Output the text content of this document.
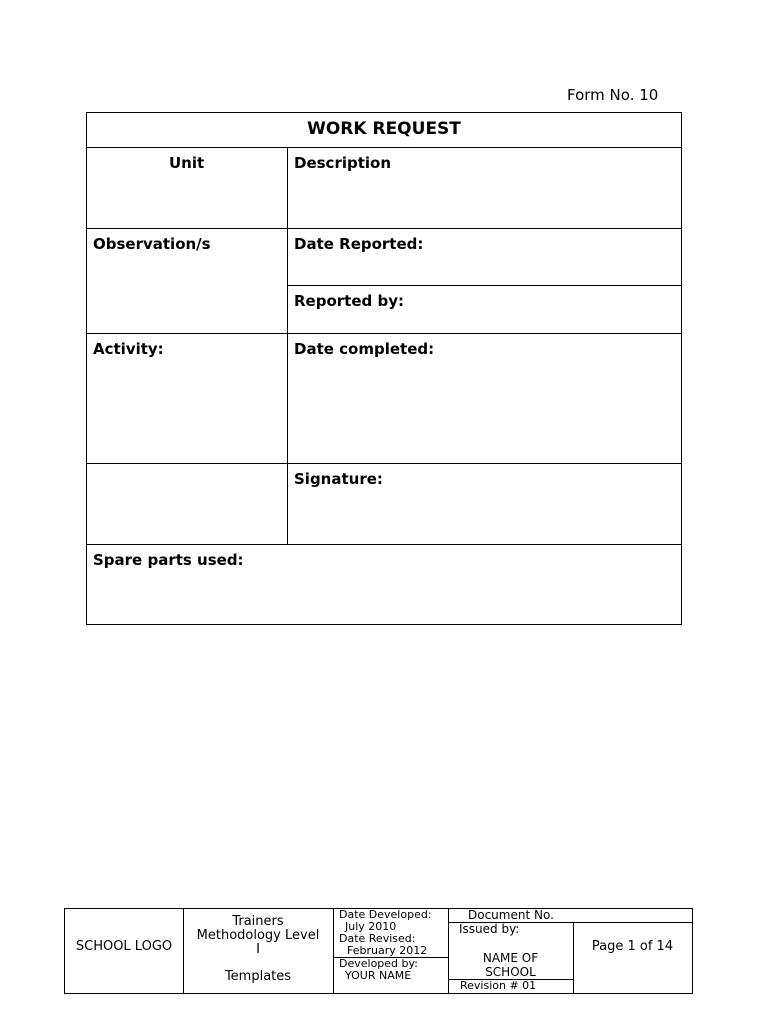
Form No. 10
WORK REQUEST
Unit	Description
Observation/s	Date Reported:
Reported by:
Activity:	Date completed:
Signature:
Spare parts used:
SCHOOL LOGO
Trainers
Methodology Level
I
Templates
Date Developed:
July 2010
Date Revised:
February 2012
Developed by:
YOUR NAME
Document No.
Issued by:
NAME OF
SCHOOL
Revision # 01
Page 1 of 14
